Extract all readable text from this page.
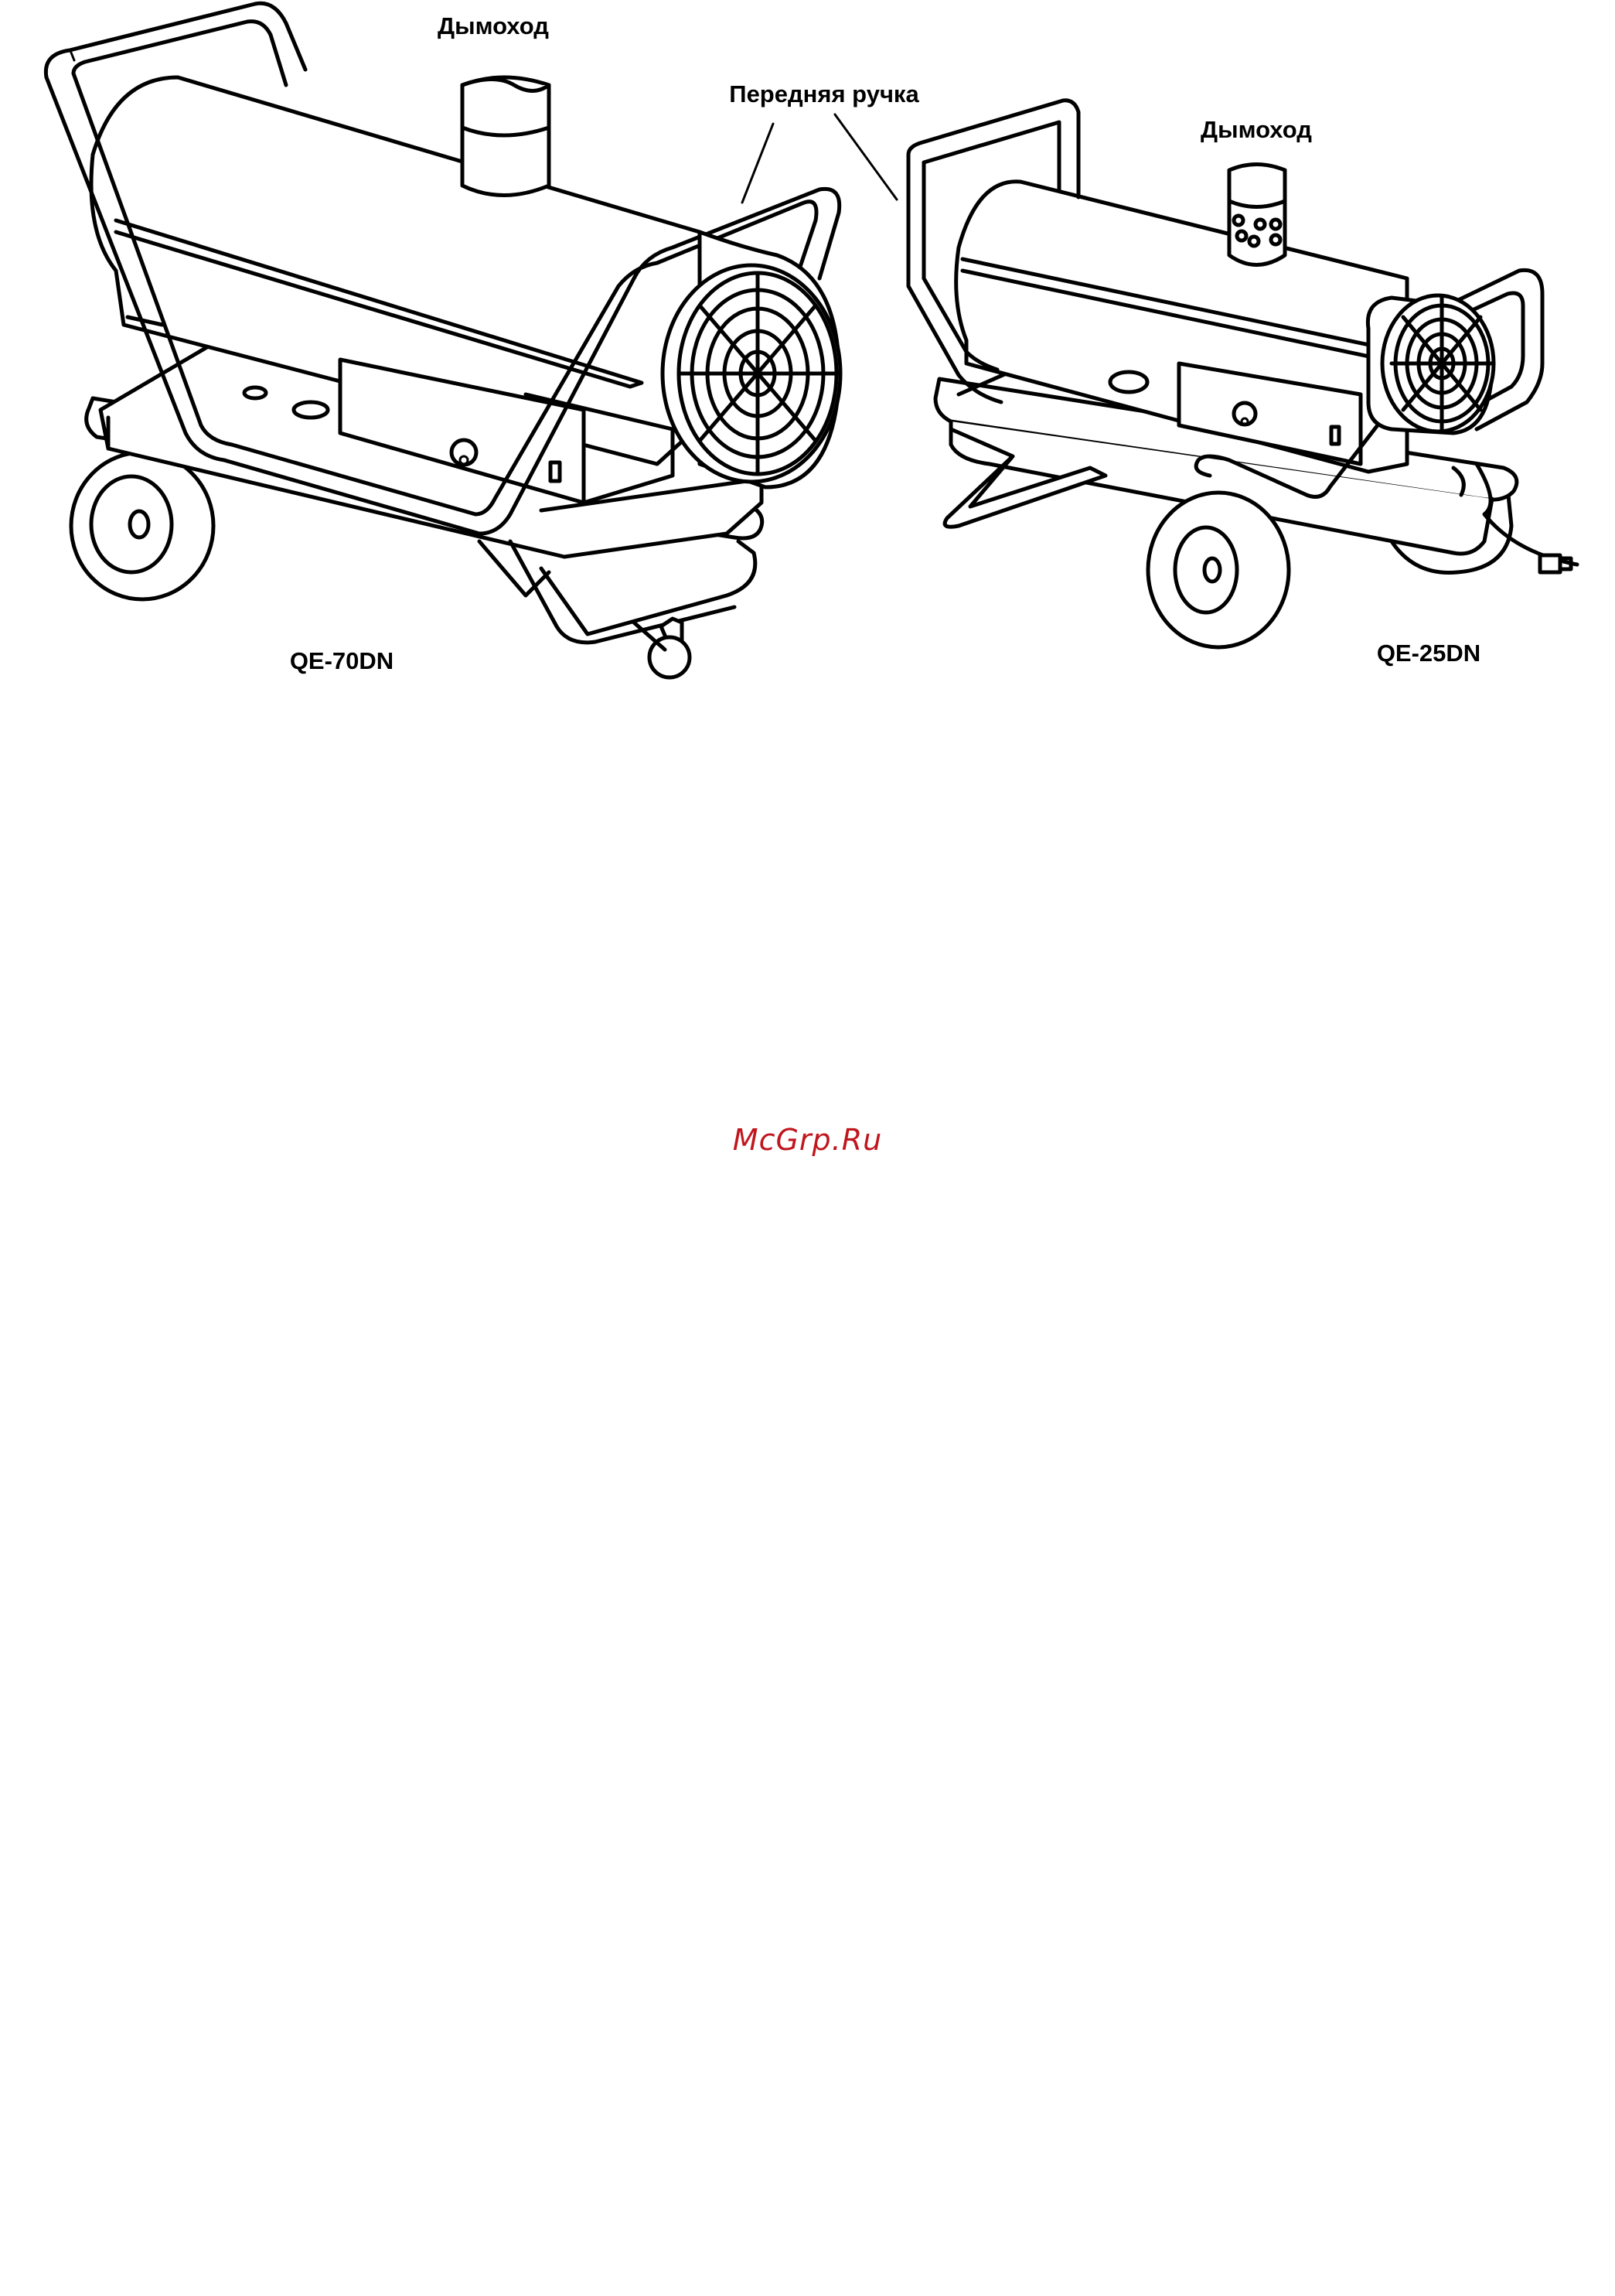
Дымоход
Передняя ручка
Дымоход
QE-70DN	QE-25DN
McGrp.Ru
